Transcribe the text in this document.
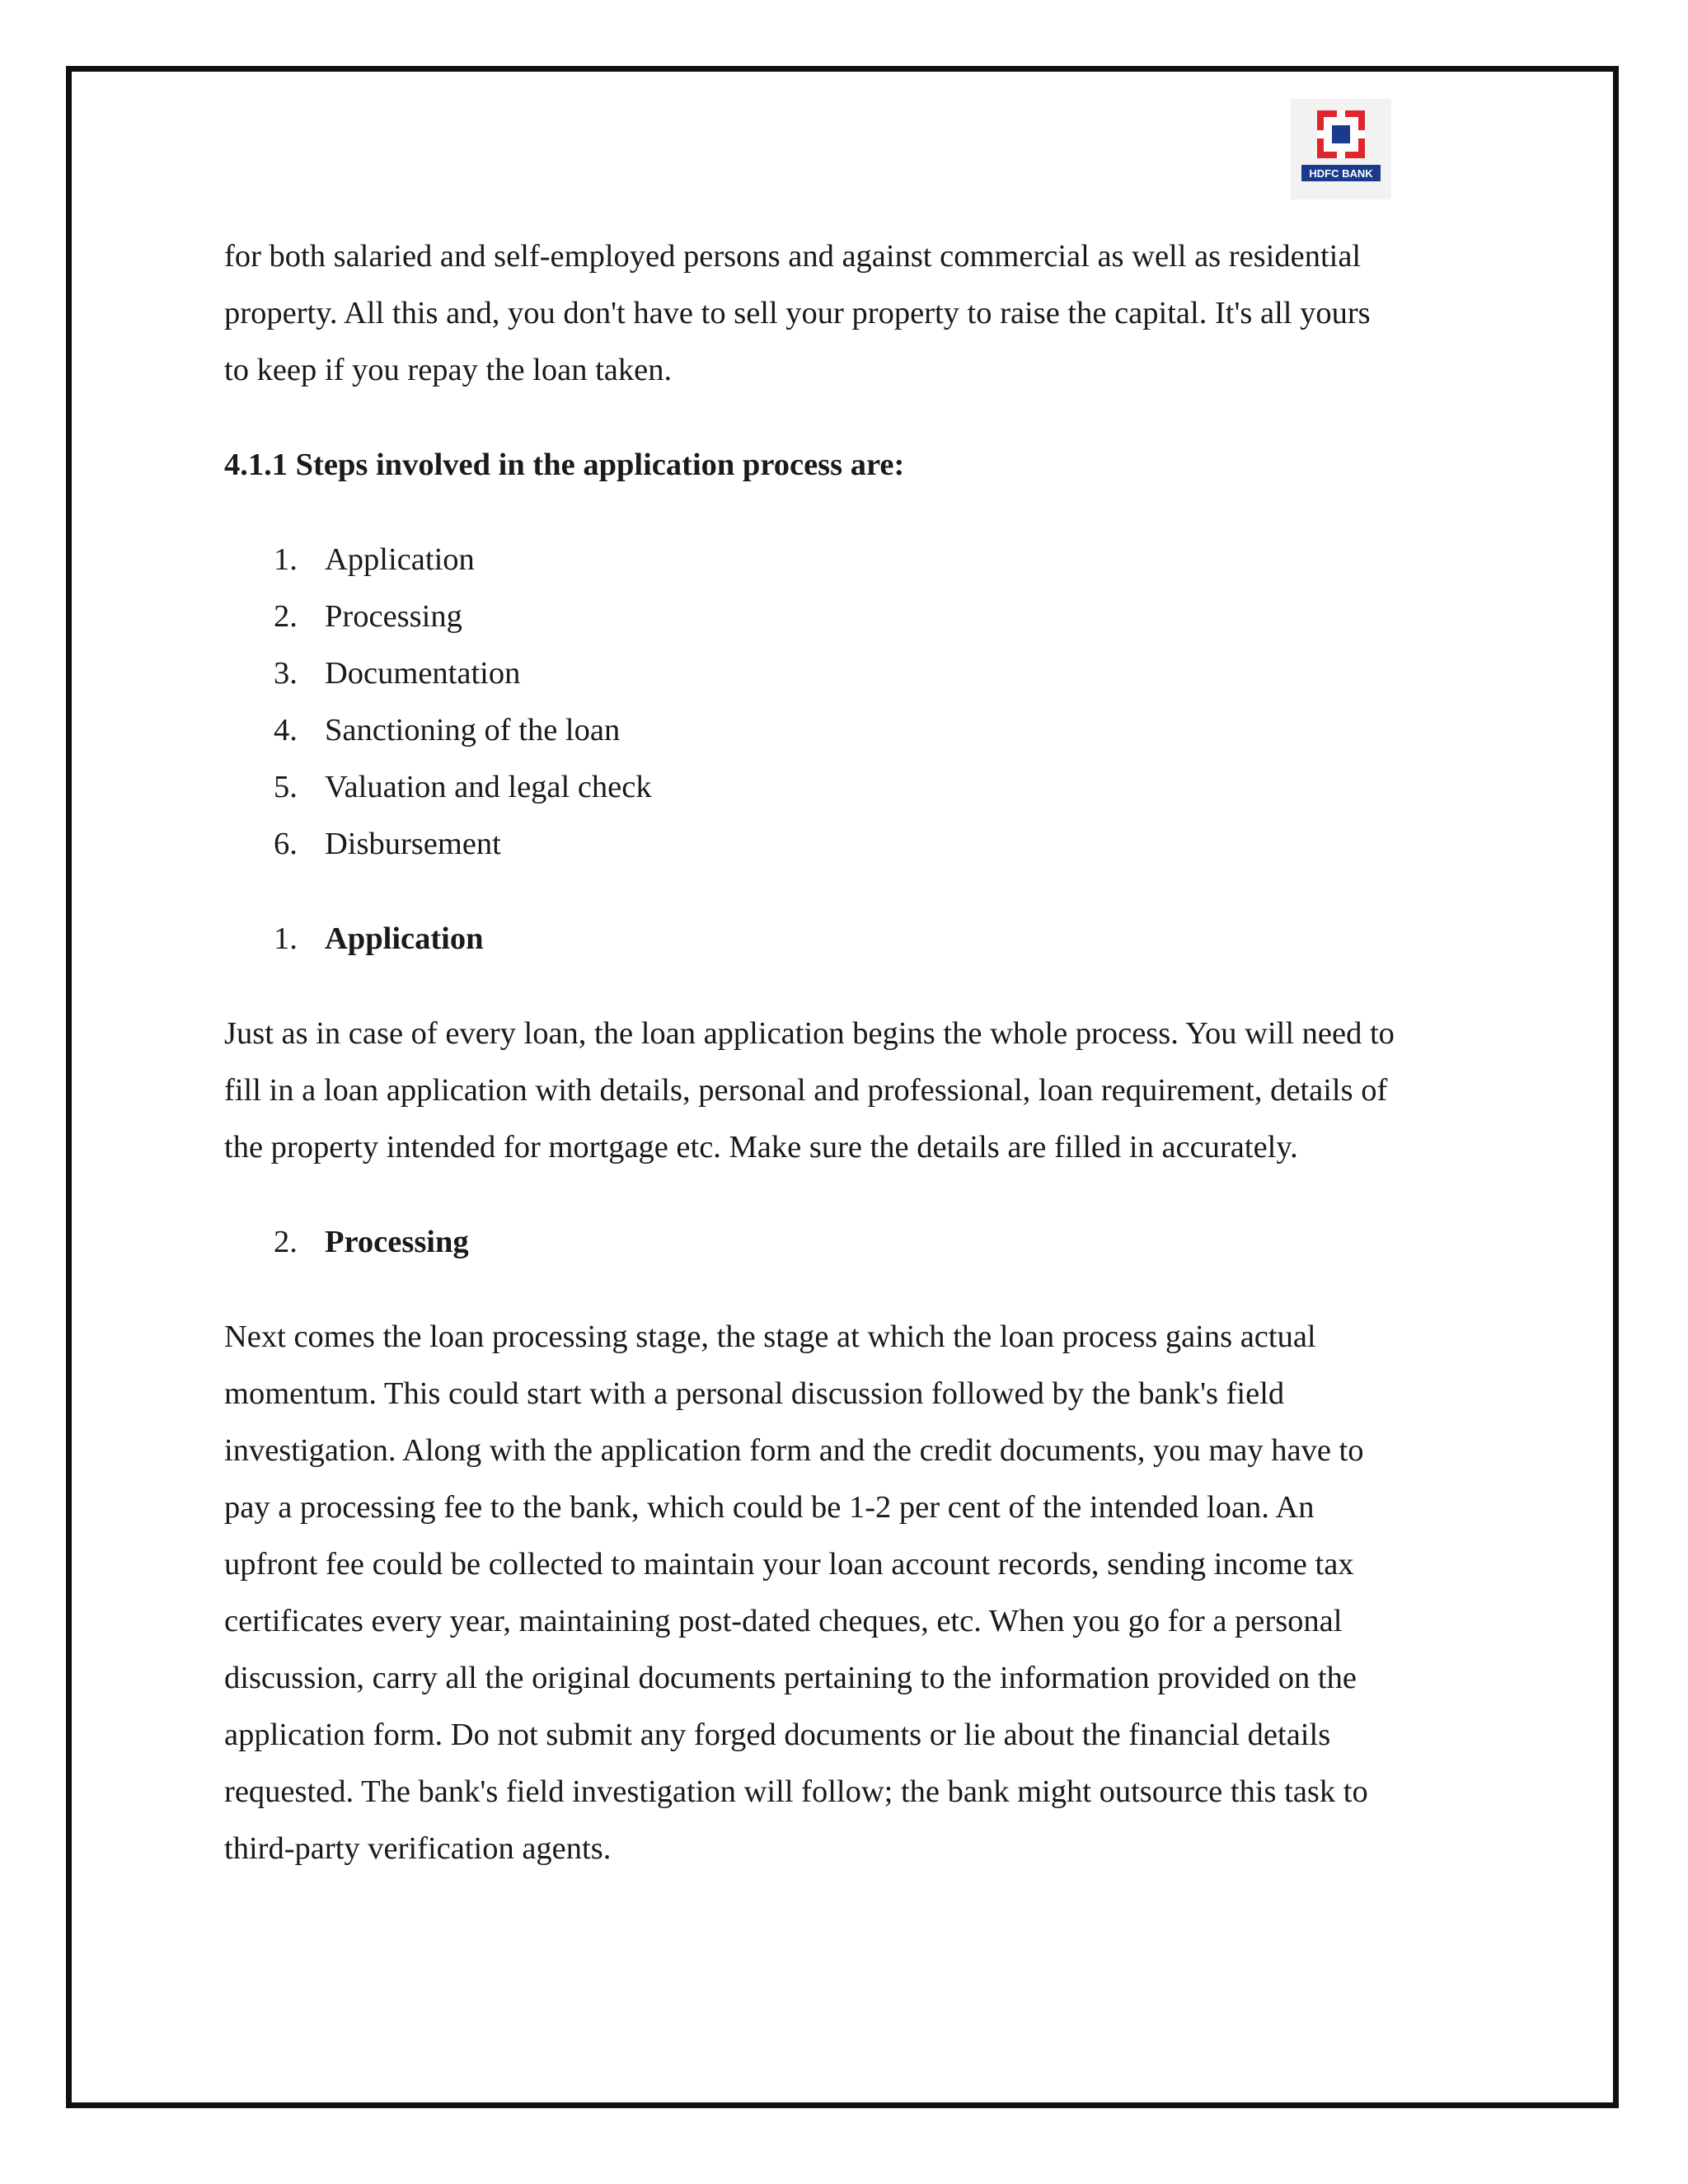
HDFC BANK

for both salaried and self-employed persons and against commercial as well as residential

property. All this and, you don't have to sell your property to raise the capital. It's all yours

to keep if you repay the loan taken.

4.1.1 Steps involved in the application process are:

1. Application
2. Processing
3. Documentation
4. Sanctioning of the loan
5. Valuation and legal check
6. Disbursement
1. Application

Just as in case of every loan, the loan application begins the whole process. You will need to

fill in a loan application with details, personal and professional, loan requirement, details of

the property intended for mortgage etc. Make sure the details are filled in accurately.

2. Processing

Next comes the loan processing stage, the stage at which the loan process gains actual

momentum. This could start with a personal discussion followed by the bank's field

investigation. Along with the application form and the credit documents, you may have to

pay a processing fee to the bank, which could be 1-2 per cent of the intended loan. An

upfront fee could be collected to maintain your loan account records, sending income tax

certificates every year, maintaining post-dated cheques, etc. When you go for a personal

discussion, carry all the original documents pertaining to the information provided on the

application form. Do not submit any forged documents or lie about the financial details

requested. The bank's field investigation will follow; the bank might outsource this task to

third-party verification agents.
